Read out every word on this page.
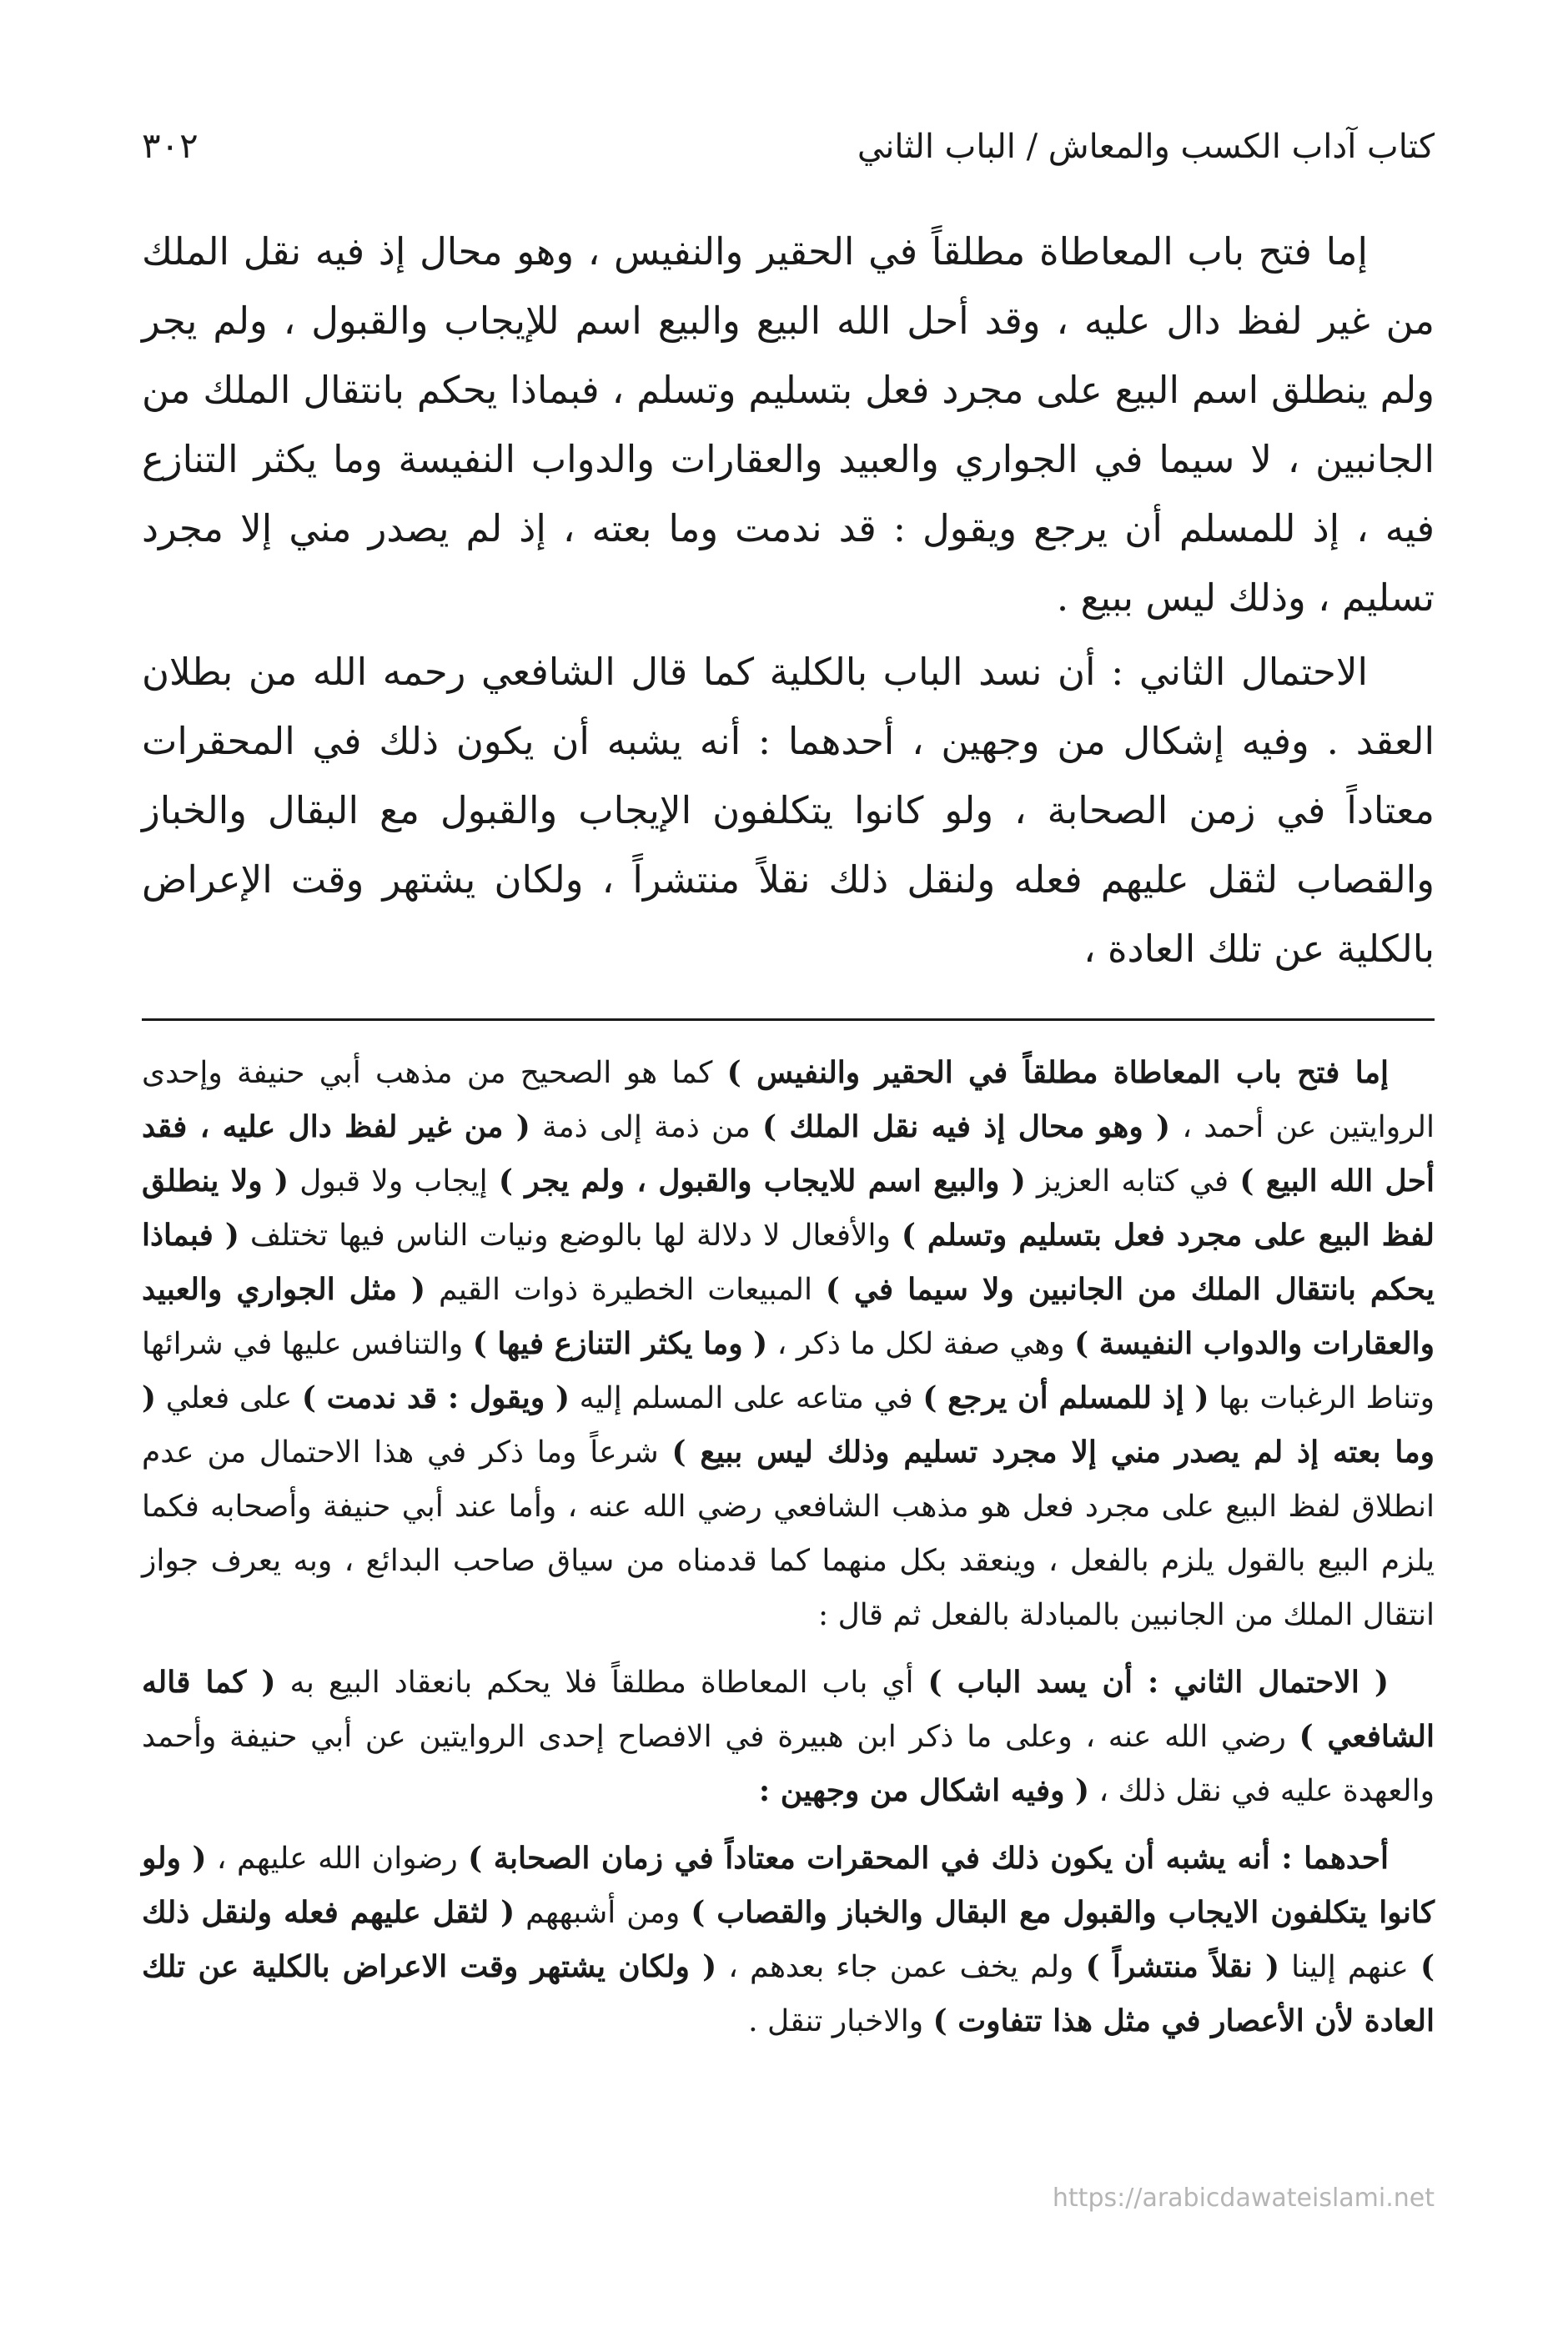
كتاب آداب الكسب والمعاش / الباب الثاني
٣٠٢

إما فتح باب المعاطاة مطلقاً في الحقير والنفيس ، وهو محال إذ فيه نقل الملك من غير لفظ دال عليه ، وقد أحل الله البيع والبيع اسم للإيجاب والقبول ، ولم يجر ولم ينطلق اسم البيع على مجرد فعل بتسليم وتسلم ، فبماذا يحكم بانتقال الملك من الجانبين ، لا سيما في الجواري والعبيد والعقارات والدواب النفيسة وما يكثر التنازع فيه ، إذ للمسلم أن يرجع ويقول : قد ندمت وما بعته ، إذ لم يصدر مني إلا مجرد تسليم ، وذلك ليس ببيع .

الاحتمال الثاني : أن نسد الباب بالكلية كما قال الشافعي رحمه الله من بطلان العقد . وفيه إشكال من وجهين ، أحدهما : أنه يشبه أن يكون ذلك في المحقرات معتاداً في زمن الصحابة ، ولو كانوا يتكلفون الإيجاب والقبول مع البقال والخباز والقصاب لثقل عليهم فعله ولنقل ذلك نقلاً منتشراً ، ولكان يشتهر وقت الإعراض بالكلية عن تلك العادة ،

إما فتح باب المعاطاة مطلقاً في الحقير والنفيس ) كما هو الصحيح من مذهب أبي حنيفة وإحدى الروايتين عن أحمد ، ( وهو محال إذ فيه نقل الملك ) من ذمة إلى ذمة ( من غير لفظ دال عليه ، فقد أحل الله البيع ) في كتابه العزيز ( والبيع اسم للايجاب والقبول ، ولم يجر ) إيجاب ولا قبول ( ولا ينطلق لفظ البيع على مجرد فعل بتسليم وتسلم ) والأفعال لا دلالة لها بالوضع ونيات الناس فيها تختلف ( فبماذا يحكم بانتقال الملك من الجانبين ولا سيما في ) المبيعات الخطيرة ذوات القيم ( مثل الجواري والعبيد والعقارات والدواب النفيسة ) وهي صفة لكل ما ذكر ، ( وما يكثر التنازع فيها ) والتنافس عليها في شرائها وتناط الرغبات بها ( إذ للمسلم أن يرجع ) في متاعه على المسلم إليه ( ويقول : قد ندمت ) على فعلي ( وما بعته إذ لم يصدر مني إلا مجرد تسليم وذلك ليس ببيع ) شرعاً وما ذكر في هذا الاحتمال من عدم انطلاق لفظ البيع على مجرد فعل هو مذهب الشافعي رضي الله عنه ، وأما عند أبي حنيفة وأصحابه فكما يلزم البيع بالقول يلزم بالفعل ، وينعقد بكل منهما كما قدمناه من سياق صاحب البدائع ، وبه يعرف جواز انتقال الملك من الجانبين بالمبادلة بالفعل ثم قال :

( الاحتمال الثاني : أن يسد الباب ) أي باب المعاطاة مطلقاً فلا يحكم بانعقاد البيع به ( كما قاله الشافعي ) رضي الله عنه ، وعلى ما ذكر ابن هبيرة في الافصاح إحدى الروايتين عن أبي حنيفة وأحمد والعهدة عليه في نقل ذلك ، ( وفيه اشكال من وجهين :

أحدهما : أنه يشبه أن يكون ذلك في المحقرات معتاداً في زمان الصحابة ) رضوان الله عليهم ، ( ولو كانوا يتكلفون الايجاب والقبول مع البقال والخباز والقصاب ) ومن أشبههم ( لثقل عليهم فعله ولنقل ذلك ) عنهم إلينا ( نقلاً منتشراً ) ولم يخف عمن جاء بعدهم ، ( ولكان يشتهر وقت الاعراض بالكلية عن تلك العادة لأن الأعصار في مثل هذا تتفاوت ) والاخبار تنقل .

https://arabicdawateislami.net
